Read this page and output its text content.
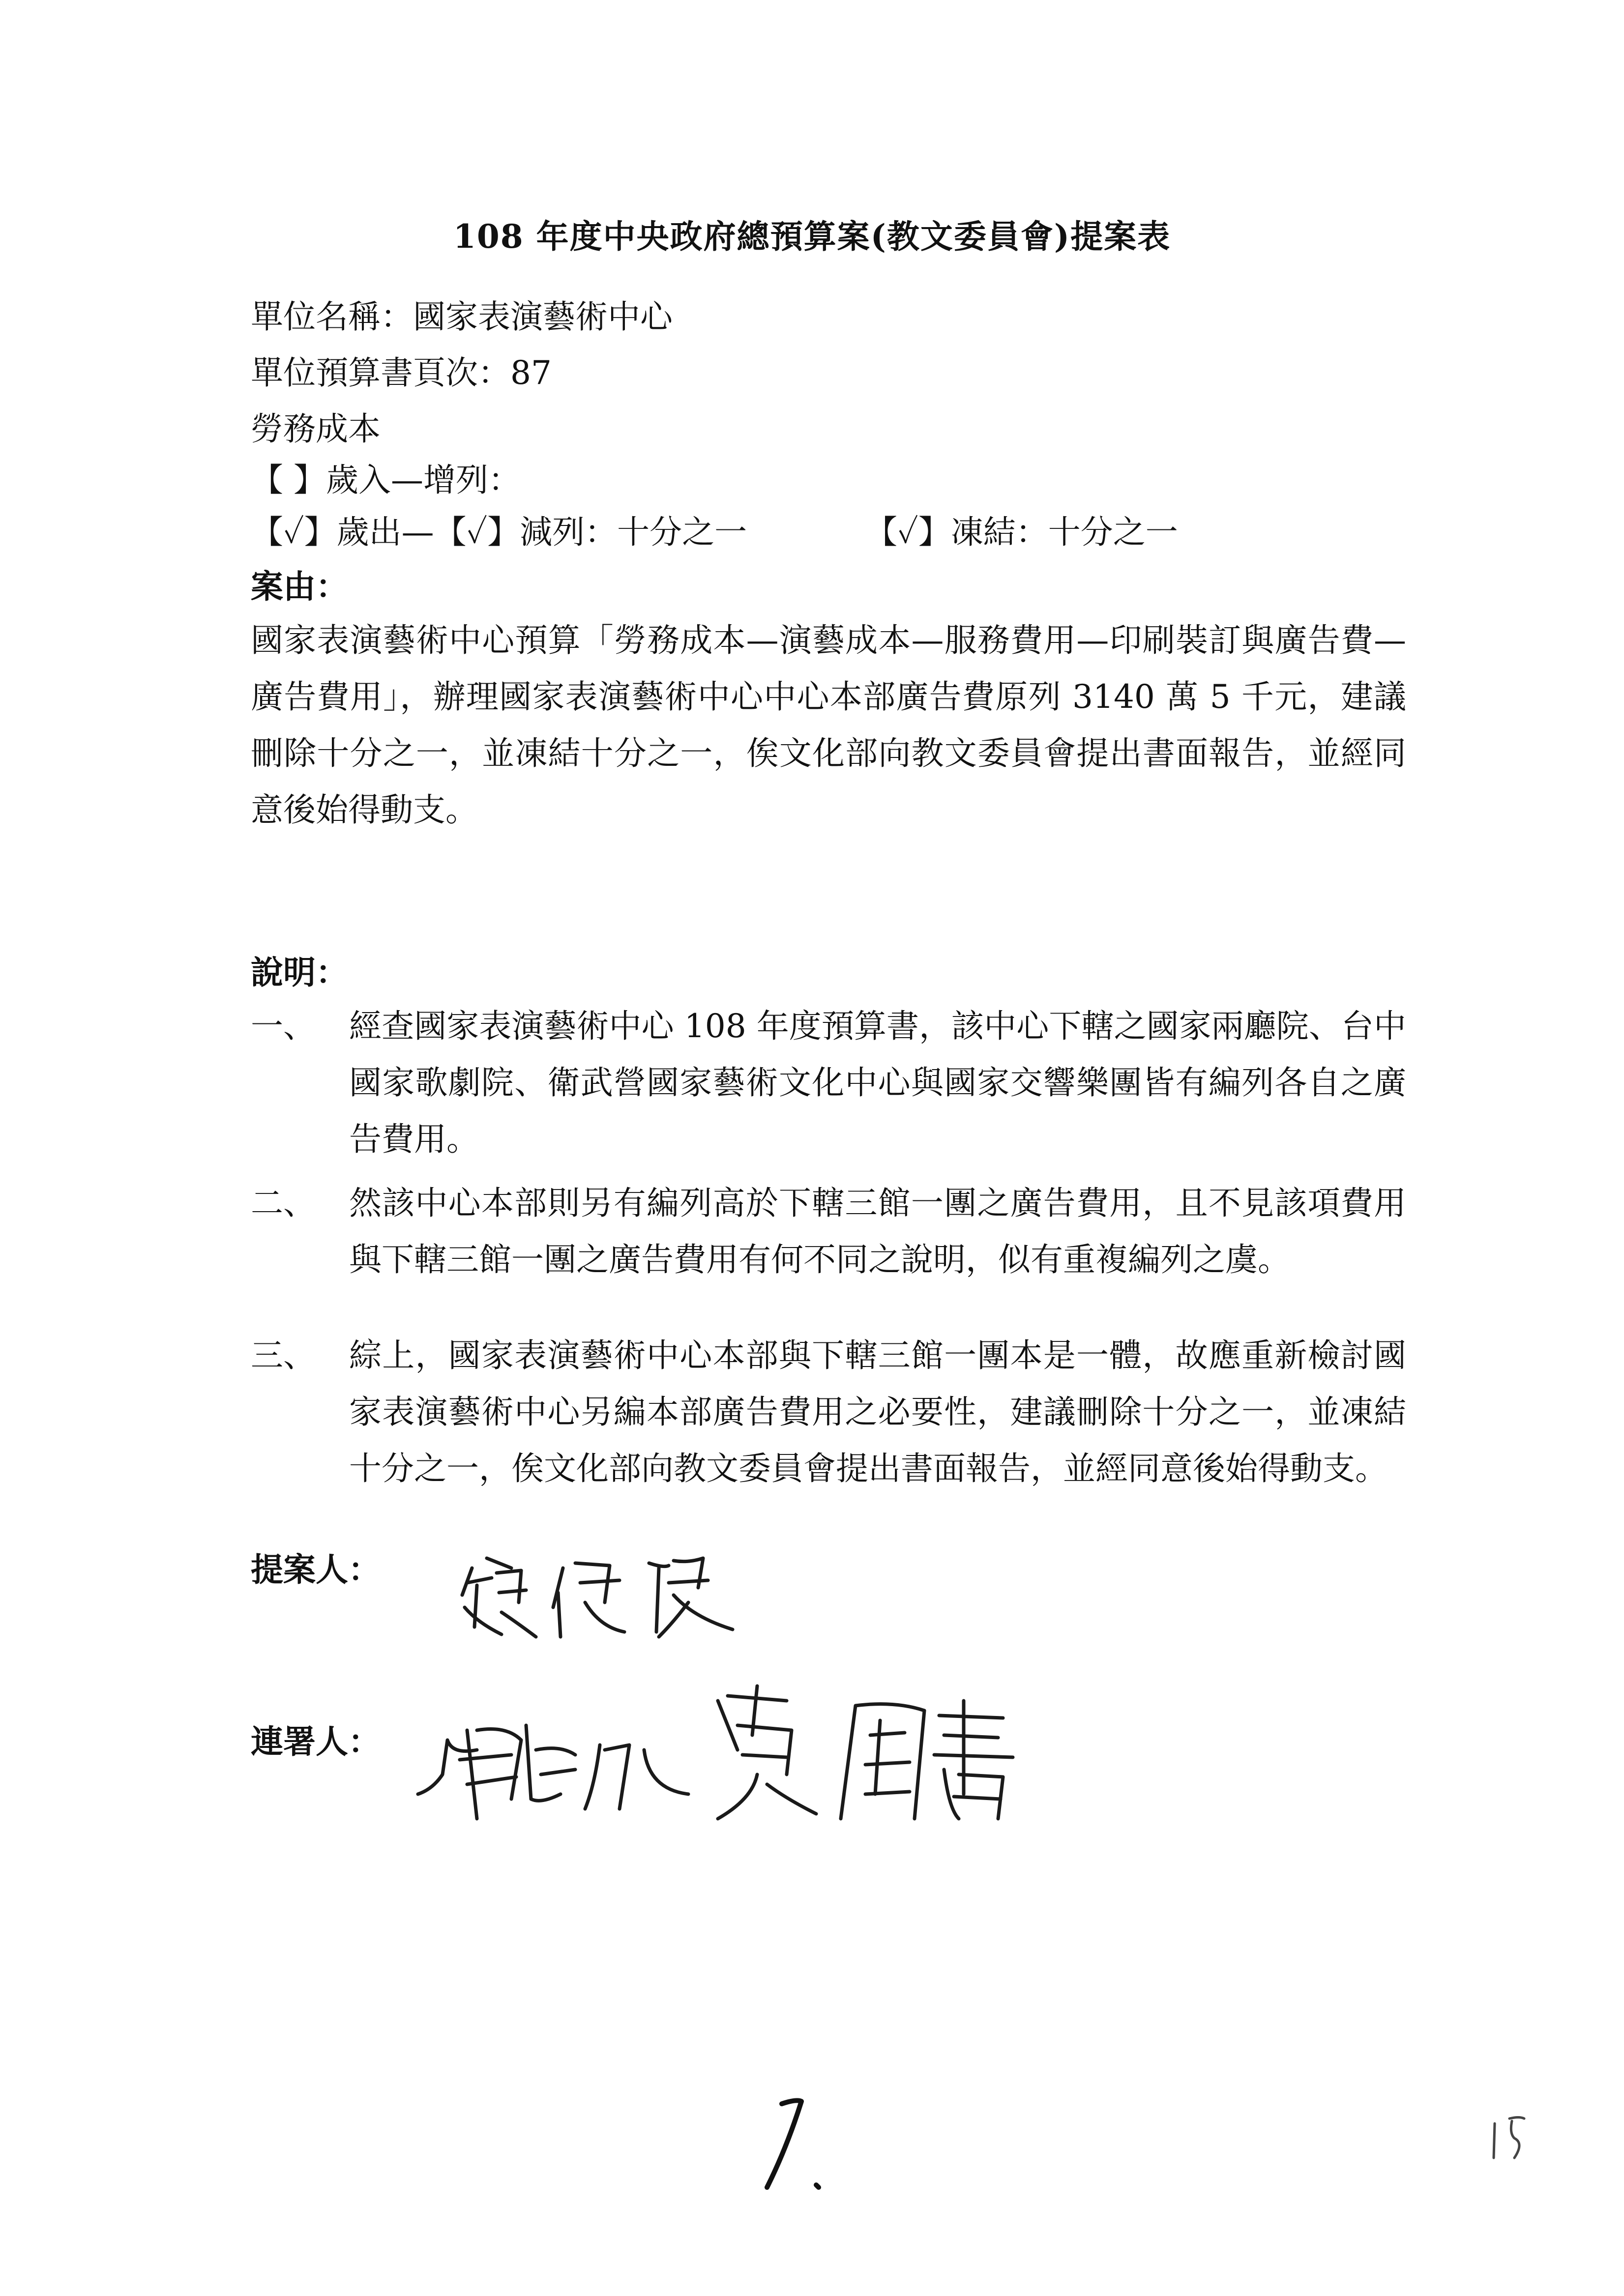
108 年度中央政府總預算案(教文委員會)提案表
單位名稱：國家表演藝術中心
單位預算書頁次：87
勞務成本
【 】歲入—增列：
【✓】歲出—【✓】減列：十分之一	【✓】凍結：十分之一
案由：
國家表演藝術中心預算「勞務成本—演藝成本—服務費用—印刷裝訂與廣告費—廣告費用」，辦理國家表演藝術中心中心本部廣告費原列 3140 萬 5 千元，建議刪除十分之一，並凍結十分之一，俟文化部向教文委員會提出書面報告，並經同意後始得動支。
說明：
一、 經查國家表演藝術中心 108 年度預算書，該中心下轄之國家兩廳院、台中國家歌劇院、衛武營國家藝術文化中心與國家交響樂團皆有編列各自之廣告費用。
二、 然該中心本部則另有編列高於下轄三館一團之廣告費用，且不見該項費用與下轄三館一團之廣告費用有何不同之說明，似有重複編列之虞。
三、 綜上，國家表演藝術中心本部與下轄三館一團本是一體，故應重新檢討國家表演藝術中心另編本部廣告費用之必要性，建議刪除十分之一，並凍結十分之一，俟文化部向教文委員會提出書面報告，並經同意後始得動支。
提案人：
連署人：
